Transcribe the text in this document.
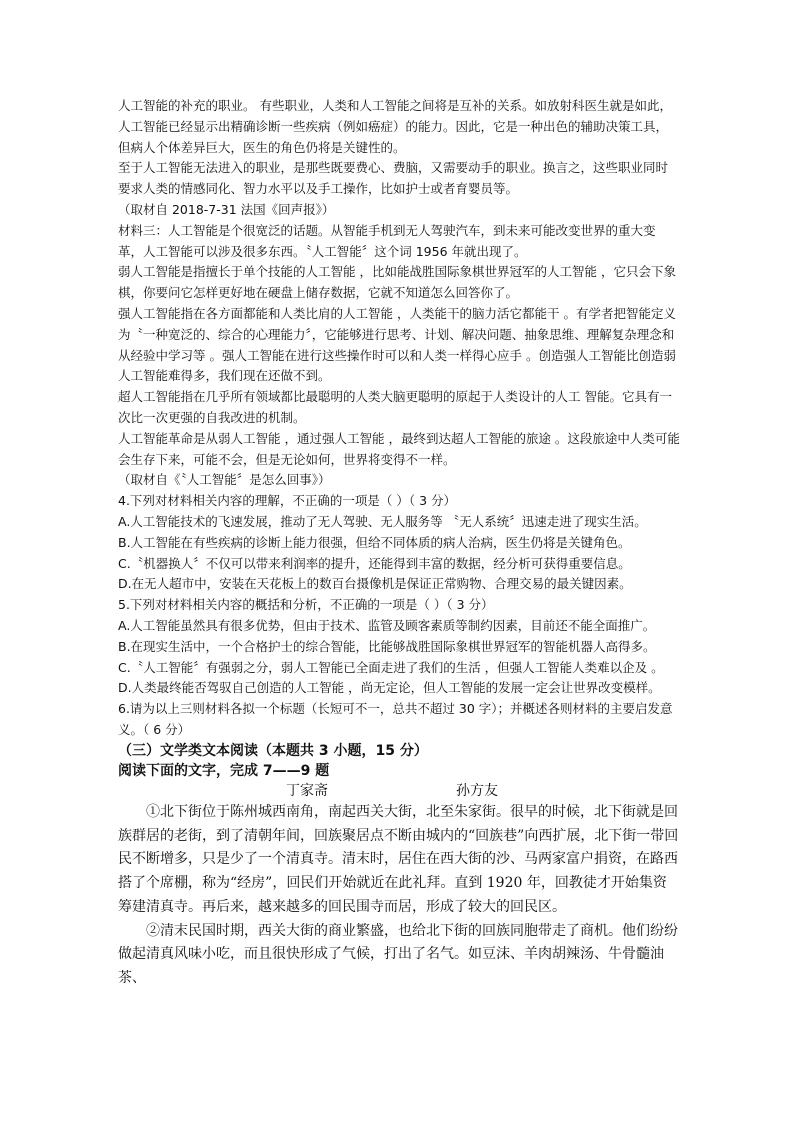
人工智能的补充的职业。 有些职业，人类和人工智能之间将是互补的关系。如放射科医生就是如此，人工智能已经显示出精确诊断一些疾病（例如癌症）的能力。因此，它是一种出色的辅助决策工具，但病人个体差异巨大，医生的角色仍将是关键性的。

至于人工智能无法进入的职业，是那些既要费心、费脑，又需要动手的职业。换言之，这些职业同时要求人类的情感同化、智力水平以及手工操作，比如护士或者育婴员等。

（取材自 2018-7-31 法国《回声报》）

材料三：人工智能是个很宽泛的话题。从智能手机到无人驾驶汽车，到未来可能改变世界的重大变革，人工智能可以涉及很多东西。〝人工智能〞这个词 1956 年就出现了。

弱人工智能是指擅长于单个技能的人工智能 ，比如能战胜国际象棋世界冠军的人工智能 ，它只会下象棋，你要问它怎样更好地在硬盘上储存数据，它就不知道怎么回答你了。

强人工智能指在各方面都能和人类比肩的人工智能 ，人类能干的脑力活它都能干 。有学者把智能定义为〝一种宽泛的、综合的心理能力〞，它能够进行思考、计划、解决问题、抽象思维、理解复杂理念和从经验中学习等 。强人工智能在进行这些操作时可以和人类一样得心应手 。创造强人工智能比创造弱人工智能难得多，我们现在还做不到。

超人工智能指在几乎所有领域都比最聪明的人类大脑更聪明的原起于人类设计的人工 智能。它具有一次比一次更强的自我改进的机制。

人工智能革命是从弱人工智能 ，通过强人工智能 ，最终到达超人工智能的旅途 。这段旅途中人类可能会生存下来，可能不会，但是无论如何，世界将变得不一样。

（取材自《〝人工智能〞是怎么回事》）

4.下列对材料相关内容的理解，不正确的一项是（ ）（ 3 分）

A.人工智能技术的飞速发展，推动了无人驾驶、无人服务等 〝无人系统〞迅速走进了现实生活。

B.人工智能在有些疾病的诊断上能力很强，但给不同体质的病人治病，医生仍将是关键角色。

C.〝机器换人〞不仅可以带来利润率的提升，还能得到丰富的数据，经分析可获得重要信息。

D.在无人超市中，安装在天花板上的数百台摄像机是保证正常购物、合理交易的最关键因素。

5.下列对材料相关内容的概括和分析，不正确的一项是（ ）（ 3 分）

A.人工智能虽然具有很多优势，但由于技术、监管及顾客素质等制约因素，目前还不能全面推广。

B.在现实生活中，一个合格护士的综合智能，比能够战胜国际象棋世界冠军的智能机器人高得多。

C.〝人工智能〞有强弱之分，弱人工智能已全面走进了我们的生活 ，但强人工智能人类难以企及 。

D.人类最终能否驾驭自己创造的人工智能 ，尚无定论，但人工智能的发展一定会让世界改变模样。

6.请为以上三则材料各拟一个标题（长短可不一，总共不超过 30 字）；并概述各则材料的主要启发意义。（ 6 分）

（三）文学类文本阅读（本题共 3 小题，15 分）

阅读下面的文字，完成 7——9 题

丁家斋	孙方友

①北下街位于陈州城西南角，南起西关大街，北至朱家街。很早的时候，北下街就是回族群居的老街，到了清朝年间，回族聚居点不断由城内的“回族巷”向西扩展，北下街一带回民不断增多，只是少了一个清真寺。清末时，居住在西大街的沙、马两家富户捐资，在路西搭了个席棚，称为“经房”，回民们开始就近在此礼拜。直到 1920 年，回教徒才开始集资筹建清真寺。再后来，越来越多的回民围寺而居，形成了较大的回民区。

②清末民国时期，西关大街的商业繁盛，也给北下街的回族同胞带走了商机。他们纷纷做起清真风味小吃，而且很快形成了气候，打出了名气。如豆沫、羊肉胡辣汤、牛骨髓油茶、
